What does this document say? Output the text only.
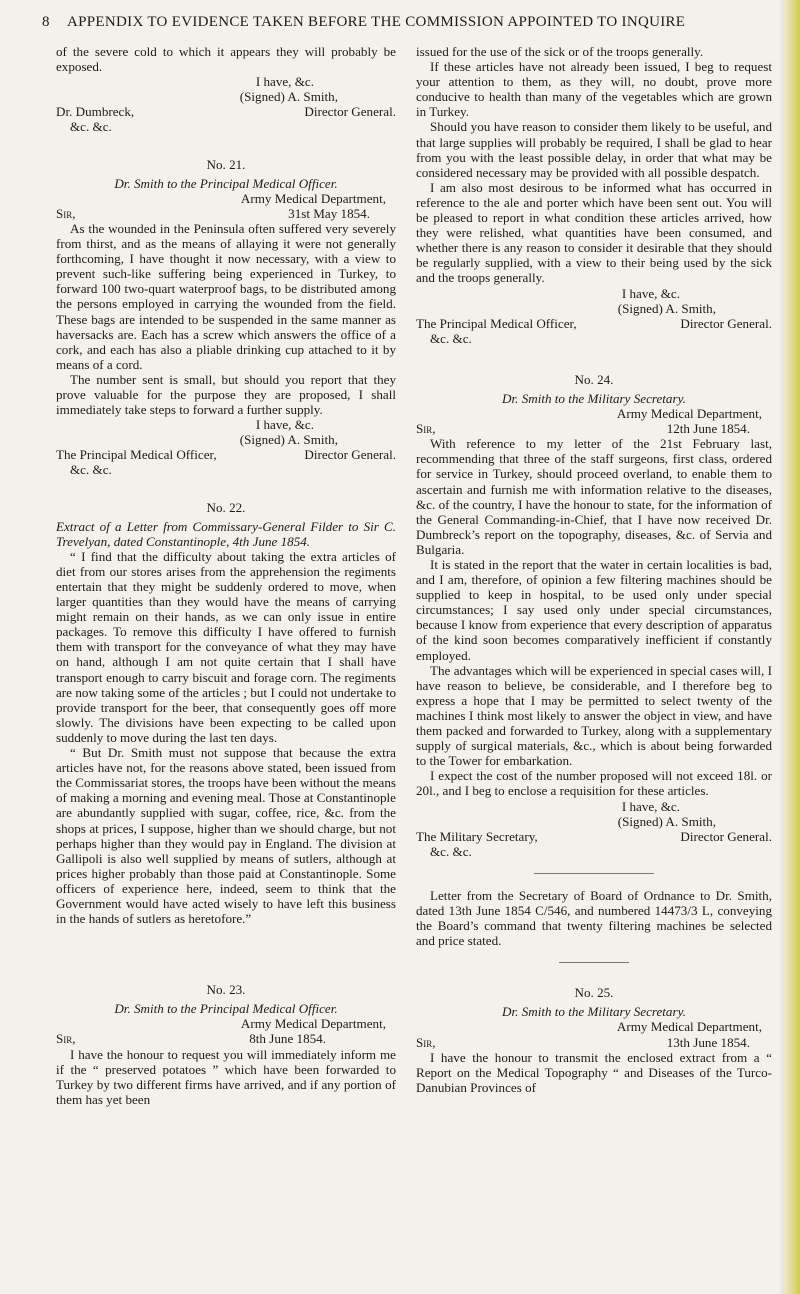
8 APPENDIX TO EVIDENCE TAKEN BEFORE THE COMMISSION APPOINTED TO INQUIRE

of the severe cold to which it appears they will probably be exposed.

I have, &c.

(Signed) A. Smith,

Dr. Dumbreck,	Director General.

&c. &c.

No. 21.

Dr. Smith to the Principal Medical Officer.

Army Medical Department,

Sir,	31st May 1854.

As the wounded in the Peninsula often suffered very severely from thirst, and as the means of allaying it were not generally forthcoming, I have thought it now necessary, with a view to prevent such-like suffering being experienced in Turkey, to forward 100 two-quart waterproof bags, to be distributed among the persons employed in carrying the wounded from the field. These bags are intended to be suspended in the same manner as haversacks are. Each has a screw which answers the office of a cork, and each has also a pliable drinking cup attached to it by means of a cord.

The number sent is small, but should you report that they prove valuable for the purpose they are proposed, I shall immediately take steps to forward a further supply.

I have, &c.

(Signed) A. Smith,

The Principal Medical Officer,	Director General.

&c. &c.

No. 22.

Extract of a Letter from Commissary-General Filder to Sir C. Trevelyan, dated Constantinople, 4th June 1854.

“ I find that the difficulty about taking the extra articles of diet from our stores arises from the apprehension the regiments entertain that they might be suddenly ordered to move, when larger quantities than they would have the means of carrying might remain on their hands, as we can only issue in entire packages. To remove this difficulty I have offered to furnish them with transport for the conveyance of what they may have on hand, although I am not quite certain that I shall have transport enough to carry biscuit and forage corn. The regiments are now taking some of the articles ; but I could not undertake to provide transport for the beer, that consequently goes off more slowly. The divisions have been expecting to be called upon suddenly to move during the last ten days.

“ But Dr. Smith must not suppose that because the extra articles have not, for the reasons above stated, been issued from the Commissariat stores, the troops have been without the means of making a morning and evening meal. Those at Constantinople are abundantly supplied with sugar, coffee, rice, &c. from the shops at prices, I suppose, higher than we should charge, but not perhaps higher than they would pay in England. The division at Gallipoli is also well supplied by means of sutlers, although at prices higher probably than those paid at Constantinople. Some officers of experience here, indeed, seem to think that the Government would have acted wisely to have left this business in the hands of sutlers as heretofore.”

No. 23.

Dr. Smith to the Principal Medical Officer.

Army Medical Department,

Sir,	8th June 1854.

I have the honour to request you will immediately inform me if the “ preserved potatoes ” which have been forwarded to Turkey by two different firms have arrived, and if any portion of them has yet been

issued for the use of the sick or of the troops generally.

If these articles have not already been issued, I beg to request your attention to them, as they will, no doubt, prove more conducive to health than many of the vegetables which are grown in Turkey.

Should you have reason to consider them likely to be useful, and that large supplies will probably be required, I shall be glad to hear from you with the least possible delay, in order that what may be considered necessary may be provided with all possible despatch.

I am also most desirous to be informed what has occurred in reference to the ale and porter which have been sent out. You will be pleased to report in what condition these articles arrived, how they were relished, what quantities have been consumed, and whether there is any reason to consider it desirable that they should be regularly supplied, with a view to their being used by the sick and the troops generally.

I have, &c.

(Signed) A. Smith,

The Principal Medical Officer,	Director General.

&c. &c.

No. 24.

Dr. Smith to the Military Secretary.

Army Medical Department,

Sir,	12th June 1854.

With reference to my letter of the 21st February last, recommending that three of the staff surgeons, first class, ordered for service in Turkey, should proceed overland, to enable them to ascertain and furnish me with information relative to the diseases, &c. of the country, I have the honour to state, for the information of the General Commanding-in-Chief, that I have now received Dr. Dumbreck’s report on the topography, diseases, &c. of Servia and Bulgaria.

It is stated in the report that the water in certain localities is bad, and I am, therefore, of opinion a few filtering machines should be supplied to keep in hospital, to be used only under special circumstances; I say used only under special circumstances, because I know from experience that every description of apparatus of the kind soon becomes comparatively inefficient if constantly employed.

The advantages which will be experienced in special cases will, I have reason to believe, be considerable, and I therefore beg to express a hope that I may be permitted to select twenty of the machines I think most likely to answer the object in view, and have them packed and forwarded to Turkey, along with a supplementary supply of surgical materials, &c., which is about being forwarded to the Tower for embarkation.

I expect the cost of the number proposed will not exceed 18l. or 20l., and I beg to enclose a requisition for these articles.

I have, &c.

(Signed) A. Smith,

The Military Secretary,	Director General.

&c. &c.

Letter from the Secretary of Board of Ordnance to Dr. Smith, dated 13th June 1854 C/546, and numbered 14473/3 L, conveying the Board’s command that twenty filtering machines be selected and price stated.

No. 25.

Dr. Smith to the Military Secretary.

Army Medical Department,

Sir,	13th June 1854.

I have the honour to transmit the enclosed extract from a “ Report on the Medical Topography “ and Diseases of the Turco-Danubian Provinces of
